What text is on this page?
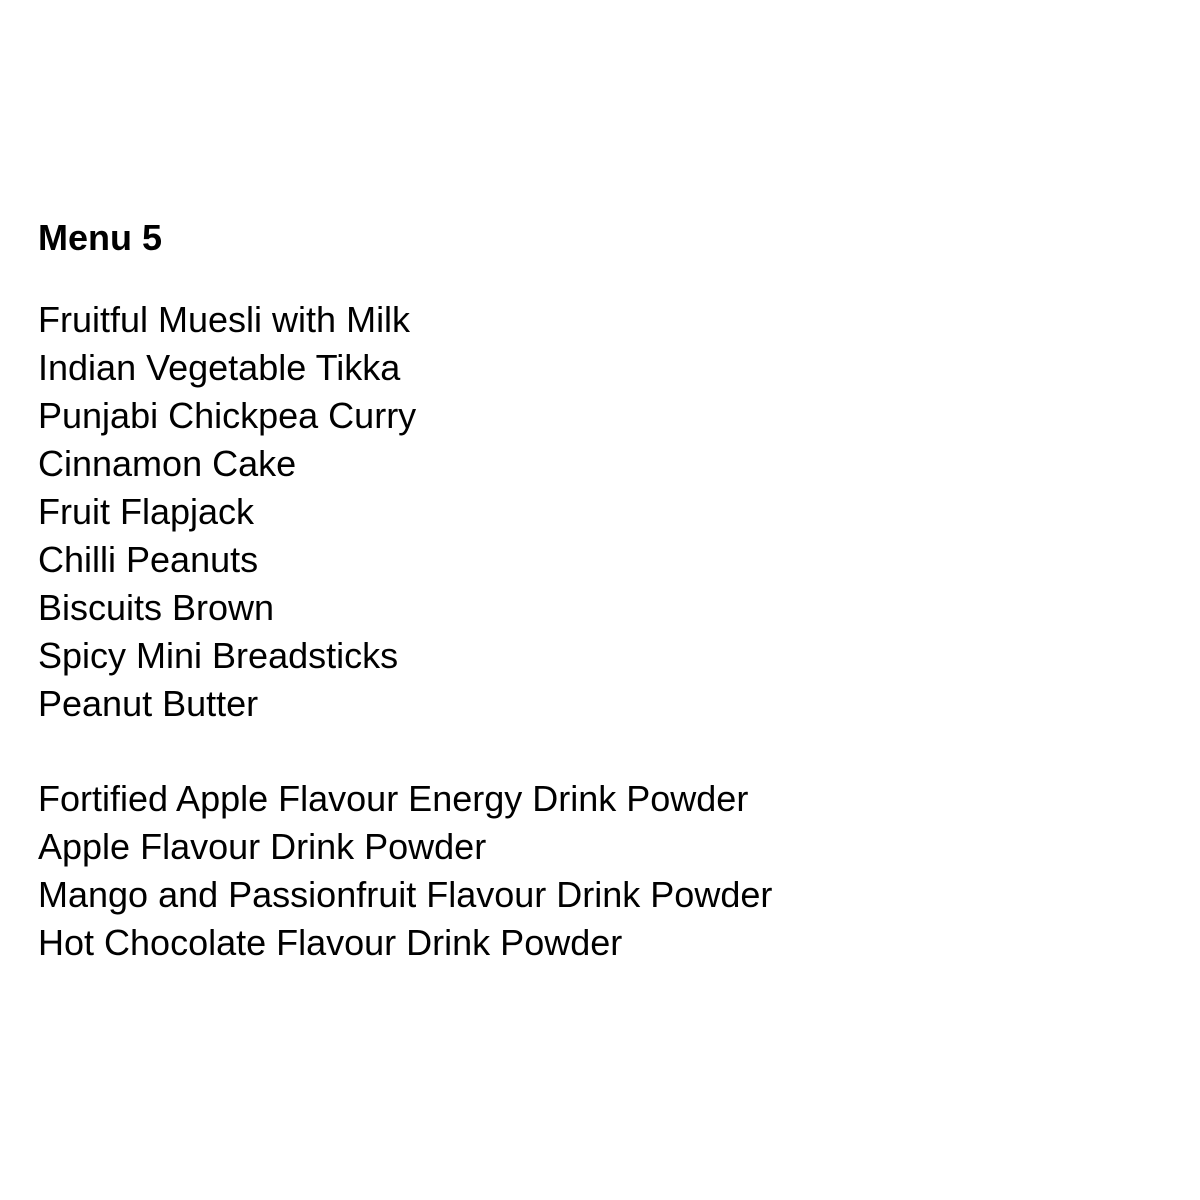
Menu 5
Fruitful Muesli with Milk
Indian Vegetable Tikka
Punjabi Chickpea Curry
Cinnamon Cake
Fruit Flapjack
Chilli Peanuts
Biscuits Brown
Spicy Mini Breadsticks
Peanut Butter
Fortified Apple Flavour Energy Drink Powder
Apple Flavour Drink Powder
Mango and Passionfruit Flavour Drink Powder
Hot Chocolate Flavour Drink Powder
